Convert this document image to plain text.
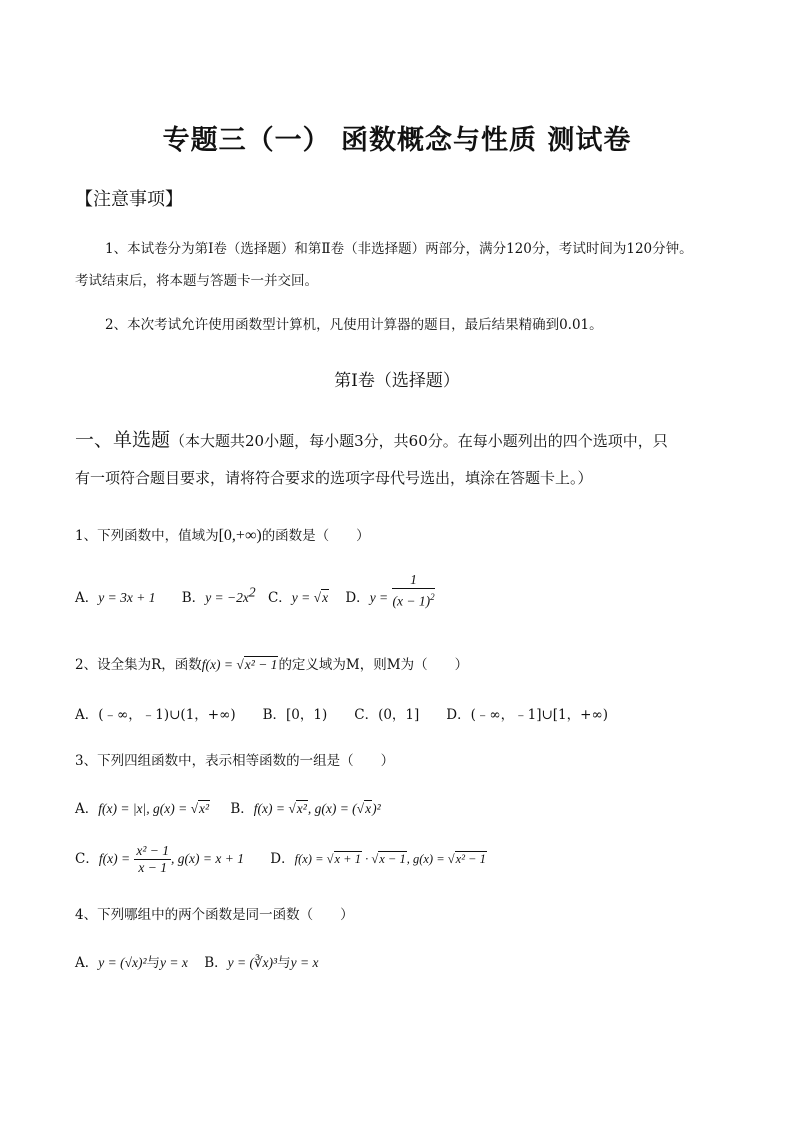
专题三（一） 函数概念与性质 测试卷
【注意事项】
1、本试卷分为第Ⅰ卷（选择题）和第Ⅱ卷（非选择题）两部分，满分120分，考试时间为120分钟。
考试结束后，将本题与答题卡一并交回。
2、本次考试允许使用函数型计算机，凡使用计算器的题目，最后结果精确到0.01。
第Ⅰ卷（选择题）
一、单选题（本大题共20小题，每小题3分，共60分。在每小题列出的四个选项中，只
有一项符合题目要求，请将符合要求的选项字母代号选出，填涂在答题卡上。）
1、下列函数中，值域为[0,+∞)的函数是（　　）
A．y = 3x + 1 B．$y = -2x^2$ C．y = √x D．$y = \frac{1}{(x - 1)^2}$
2、设全集为R，函数f(x) = √x² − 1的定义域为M，则M为（　　）
A．(﹣∞，﹣1)∪(1，+∞)　　B．[0，1)　　C．(0，1]　　D．(﹣∞，﹣1]∪[1，+∞)
3、下列四组函数中，表示相等函数的一组是（　　）
A．f(x) = |x|, g(x) = √x² B．f(x) = √x², g(x) = (√x)²
C．$f(x) = \frac{\text{x² − 1}}{x - 1}$ , g(x) = x + 1 D．f(x) = √x + 1 · √x − 1, g(x) = √x² − 1
4、下列哪组中的两个函数是同一函数（　　）
A．y = (√x)²与y = x B．y = (∛x)³与y = x
